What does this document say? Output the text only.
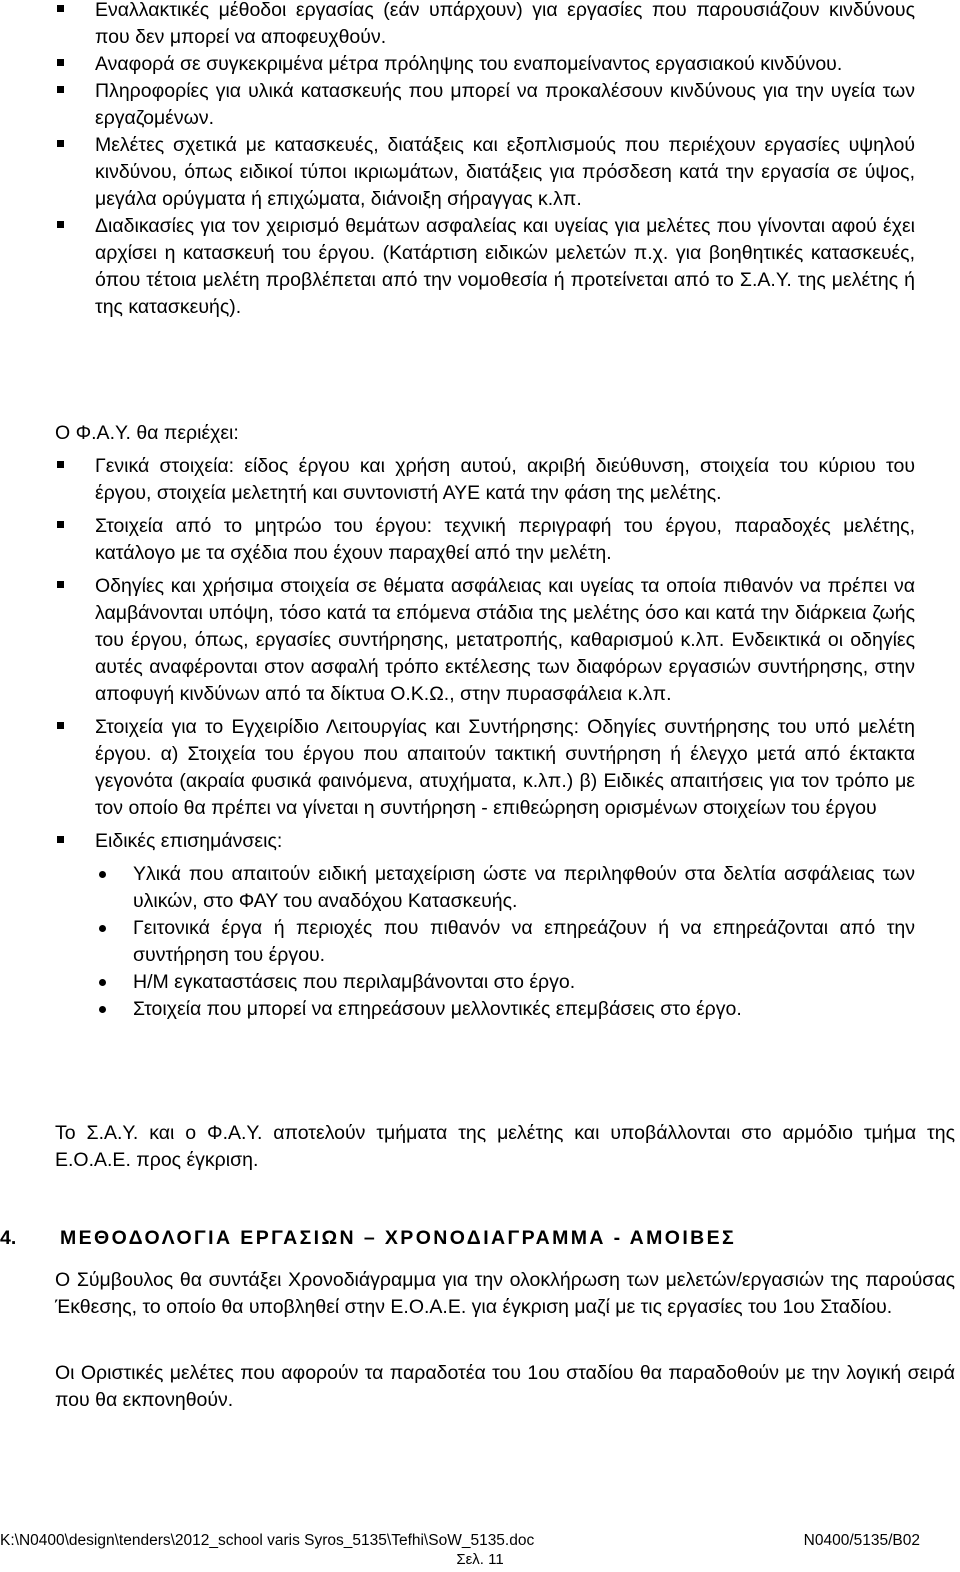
Εναλλακτικές μέθοδοι εργασίας (εάν υπάρχουν) για εργασίες που παρουσιάζουν κινδύνους που δεν μπορεί να αποφευχθούν.
Αναφορά σε συγκεκριμένα μέτρα πρόληψης του εναπομείναντος εργασιακού κινδύνου.
Πληροφορίες για υλικά κατασκευής που μπορεί να προκαλέσουν κινδύνους για την υγεία των εργαζομένων.
Μελέτες σχετικά με κατασκευές, διατάξεις και εξοπλισμούς που περιέχουν εργασίες υψηλού κινδύνου, όπως ειδικοί τύποι ικριωμάτων, διατάξεις για πρόσδεση κατά την εργασία σε ύψος, μεγάλα ορύγματα ή επιχώματα, διάνοιξη σήραγγας κ.λπ.
Διαδικασίες για τον χειρισμό θεμάτων ασφαλείας και υγείας για μελέτες που γίνονται αφού έχει αρχίσει η κατασκευή του έργου. (Κατάρτιση ειδικών μελετών π.χ. για βοηθητικές κατασκευές, όπου τέτοια μελέτη προβλέπεται από την νομοθεσία ή προτείνεται από το Σ.Α.Υ. της μελέτης ή της κατασκευής).

Ο Φ.Α.Υ. θα περιέχει:

Γενικά στοιχεία: είδος έργου και χρήση αυτού, ακριβή διεύθυνση, στοιχεία του κύριου του έργου, στοιχεία μελετητή και συντονιστή ΑΥΕ κατά την φάση της μελέτης.
Στοιχεία από το μητρώο του έργου: τεχνική περιγραφή του έργου, παραδοχές μελέτης, κατάλογο με τα σχέδια που έχουν παραχθεί από την μελέτη.
Οδηγίες και χρήσιμα στοιχεία σε θέματα ασφάλειας και υγείας τα οποία πιθανόν να πρέπει να λαμβάνονται υπόψη, τόσο κατά τα επόμενα στάδια της μελέτης όσο και κατά την διάρκεια ζωής του έργου, όπως, εργασίες συντήρησης, μετατροπής, καθαρισμού κ.λπ. Ενδεικτικά οι οδηγίες αυτές αναφέρονται στον ασφαλή τρόπο εκτέλεσης των διαφόρων εργασιών συντήρησης, στην αποφυγή κινδύνων από τα δίκτυα Ο.Κ.Ω., στην πυρασφάλεια κ.λπ.
Στοιχεία για το Εγχειρίδιο Λειτουργίας και Συντήρησης: Οδηγίες συντήρησης του υπό μελέτη έργου. α) Στοιχεία του έργου που απαιτούν τακτική συντήρηση ή έλεγχο μετά από έκτακτα γεγονότα (ακραία φυσικά φαινόμενα, ατυχήματα, κ.λπ.) β) Ειδικές απαιτήσεις για τον τρόπο με τον οποίο θα πρέπει να γίνεται η συντήρηση - επιθεώρηση ορισμένων στοιχείων του έργου
Ειδικές επισημάνσεις:
Υλικά που απαιτούν ειδική μεταχείριση ώστε να περιληφθούν στα δελτία ασφάλειας των υλικών, στο ΦΑΥ του αναδόχου Κατασκευής.
Γειτονικά έργα ή περιοχές που πιθανόν να επηρεάζουν ή να επηρεάζονται από την συντήρηση του έργου.
Η/Μ εγκαταστάσεις που περιλαμβάνονται στο έργο.
Στοιχεία που μπορεί να επηρεάσουν μελλοντικές επεμβάσεις στο έργο.

Το Σ.Α.Υ. και ο Φ.Α.Υ. αποτελούν τμήματα της μελέτης και υποβάλλονται στο αρμόδιο τμήμα της Ε.Ο.Α.Ε. προς έγκριση.

4. ΜΕΘΟΔΟΛΟΓΙΑ ΕΡΓΑΣΙΩΝ – ΧΡΟΝΟΔΙΑΓΡΑΜΜΑ - ΑΜΟΙΒΕΣ

Ο Σύμβουλος θα συντάξει Χρονοδιάγραμμα για την ολοκλήρωση των μελετών/εργασιών της παρούσας Έκθεσης, το οποίο θα υποβληθεί στην Ε.Ο.Α.Ε. για έγκριση μαζί με τις εργασίες του 1ου Σταδίου.

Οι Οριστικές μελέτες που αφορούν τα παραδοτέα του 1ου σταδίου θα παραδοθούν με την λογική σειρά που θα εκπονηθούν.

K:\N0400\design\tenders\2012_school varis Syros_5135\Tefhi\SoW_5135.doc	N0400/5135/B02
Σελ. 11
